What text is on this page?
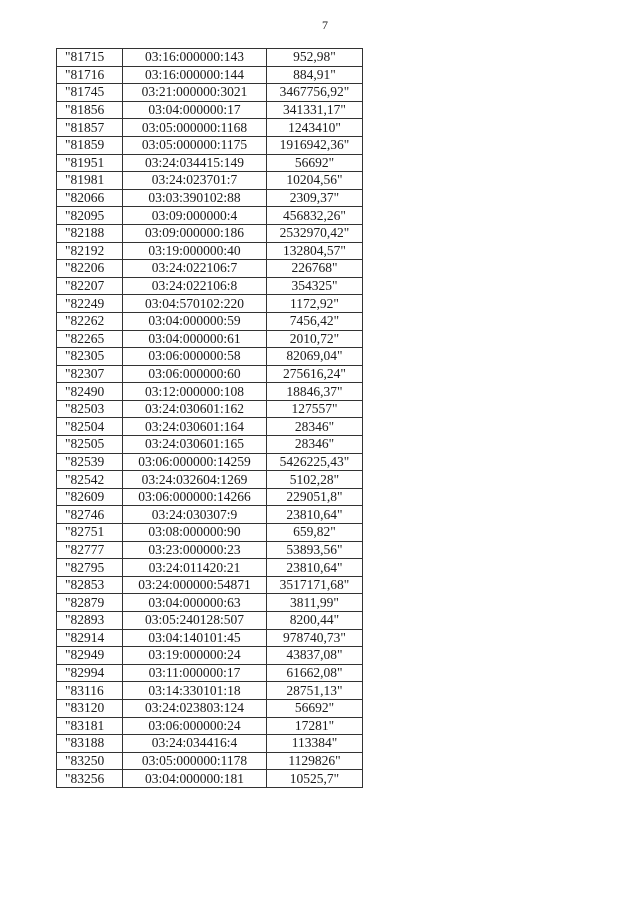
7
"81715	03:16:000000:143	952,98"
"81716	03:16:000000:144	884,91"
"81745	03:21:000000:3021	3467756,92"
"81856	03:04:000000:17	341331,17"
"81857	03:05:000000:1168	1243410"
"81859	03:05:000000:1175	1916942,36"
"81951	03:24:034415:149	56692"
"81981	03:24:023701:7	10204,56"
"82066	03:03:390102:88	2309,37"
"82095	03:09:000000:4	456832,26"
"82188	03:09:000000:186	2532970,42"
"82192	03:19:000000:40	132804,57"
"82206	03:24:022106:7	226768"
"82207	03:24:022106:8	354325"
"82249	03:04:570102:220	1172,92"
"82262	03:04:000000:59	7456,42"
"82265	03:04:000000:61	2010,72"
"82305	03:06:000000:58	82069,04"
"82307	03:06:000000:60	275616,24"
"82490	03:12:000000:108	18846,37"
"82503	03:24:030601:162	127557"
"82504	03:24:030601:164	28346"
"82505	03:24:030601:165	28346"
"82539	03:06:000000:14259	5426225,43"
"82542	03:24:032604:1269	5102,28"
"82609	03:06:000000:14266	229051,8"
"82746	03:24:030307:9	23810,64"
"82751	03:08:000000:90	659,82"
"82777	03:23:000000:23	53893,56"
"82795	03:24:011420:21	23810,64"
"82853	03:24:000000:54871	3517171,68"
"82879	03:04:000000:63	3811,99"
"82893	03:05:240128:507	8200,44"
"82914	03:04:140101:45	978740,73"
"82949	03:19:000000:24	43837,08"
"82994	03:11:000000:17	61662,08"
"83116	03:14:330101:18	28751,13"
"83120	03:24:023803:124	56692"
"83181	03:06:000000:24	17281"
"83188	03:24:034416:4	113384"
"83250	03:05:000000:1178	1129826"
"83256	03:04:000000:181	10525,7"
